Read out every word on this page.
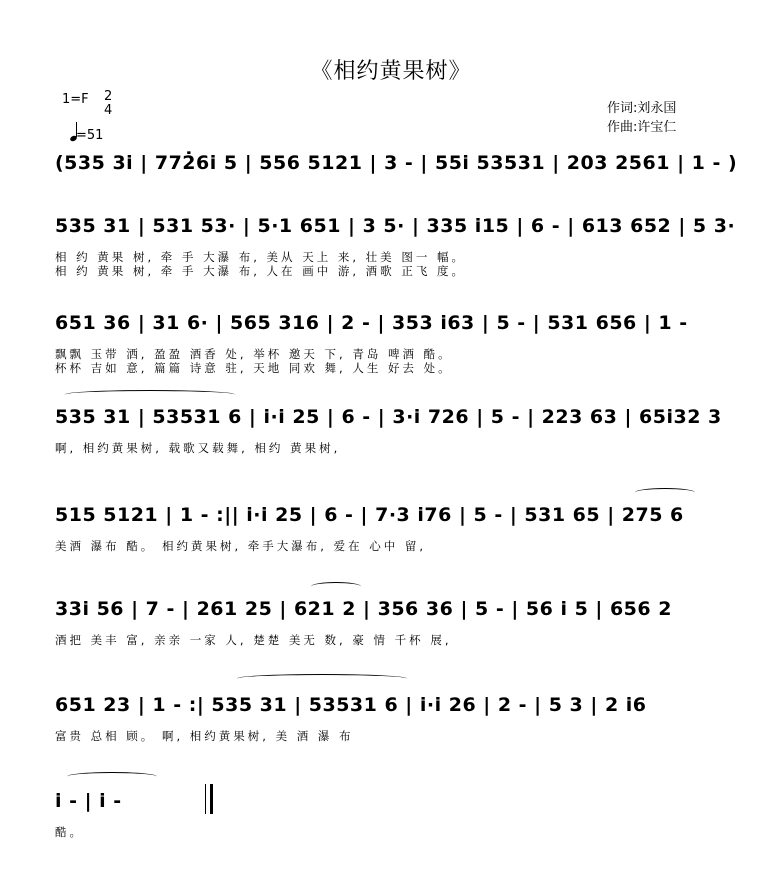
《相约黄果树》
1=F 2
4
=51
作词:刘永国
作曲:许宝仁
(535 3i | 772̇6i 5 | 556 5121 | 3 - | 55i 53531 | 203 2561 | 1 - )
535 31 | 531 53· | 5·1 651 | 3 5· | 335 i15 | 6 - | 613 652 | 5 3·
相 约 黄果 树, 牵 手 大瀑 布, 美从 天上 来, 壮美 图一 幅。
相 约 黄果 树, 牵 手 大瀑 布, 人在 画中 游, 酒歌 正飞 度。
651 36 | 31 6· | 565 316 | 2 - | 353 i63 | 5 - | 531 656 | 1 -
飘飘 玉带 洒, 盈盈 酒香 处, 举杯 邀天 下, 青岛 啤酒 酷。
杯杯 吉如 意, 篇篇 诗意 驻, 天地 同欢 舞, 人生 好去 处。
535 31 | 53531 6 | i·i 25 | 6 - | 3·i 726 | 5 - | 223 63 | 65i32 3
啊, 相约黄果树, 载歌又载舞, 相约 黄果树,
515 5121 | 1 - :|| i·i 25 | 6 - | 7·3 i76 | 5 - | 531 65 | 275 6
美酒 瀑布 酷。 相约黄果树, 牵手大瀑布, 爱在 心中 留,
33i 56 | 7 - | 261 25 | 621 2 | 356 36 | 5 - | 56 i 5 | 656 2
酒把 美丰 富, 亲亲 一家 人, 楚楚 美无 数, 豪 情 千杯 展,
651 23 | 1 - :| 535 31 | 53531 6 | i·i 26 | 2 - | 5 3 | 2 i6
富贵 总相 顾。 啊, 相约黄果树, 美 酒 瀑 布
i - | i -
酷。
